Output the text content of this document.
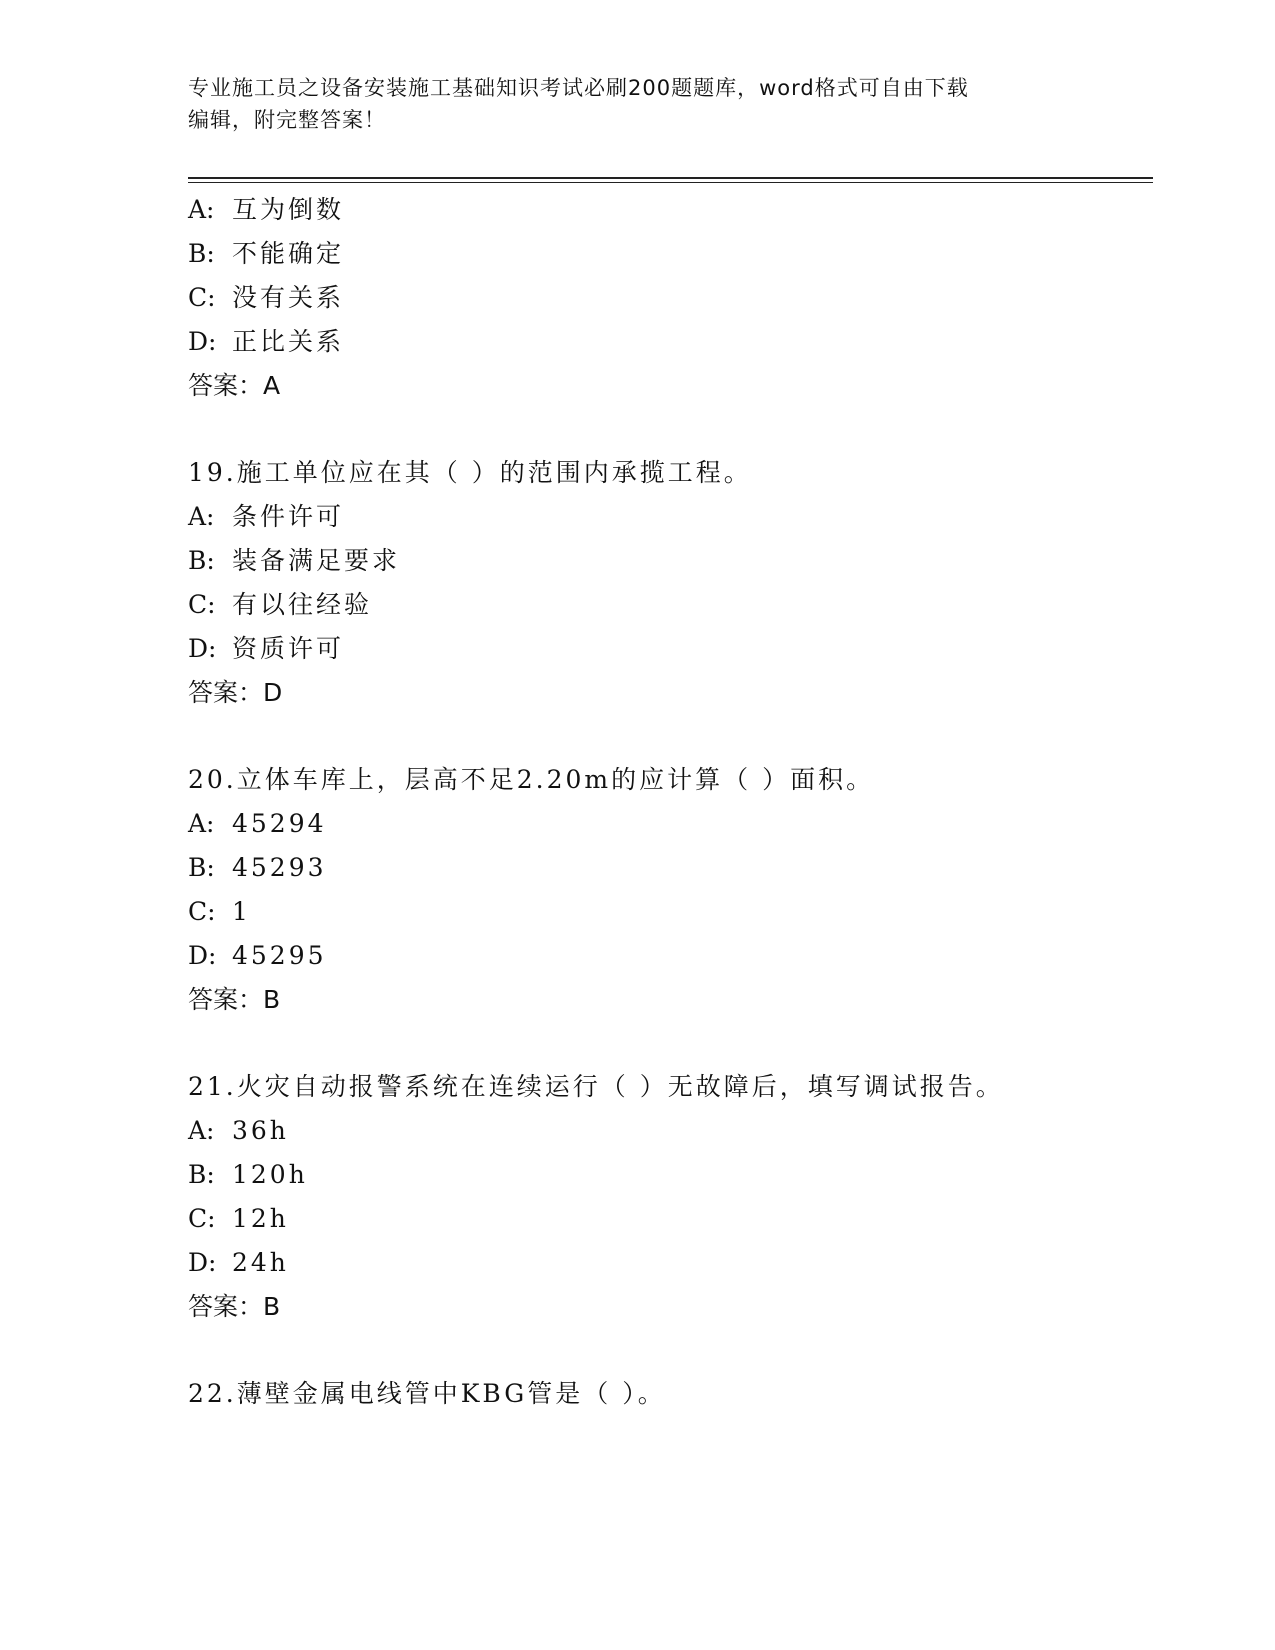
专业施工员之设备安装施工基础知识考试必刷200题题库，word格式可自由下载
编辑，附完整答案！
A: 互为倒数
B: 不能确定
C: 没有关系
D: 正比关系
答案：A
19.施工单位应在其（ ）的范围内承揽工程。
A: 条件许可
B: 装备满足要求
C: 有以往经验
D: 资质许可
答案：D
20.立体车库上，层高不足2.20m的应计算（ ）面积。
A: 45294
B: 45293
C: 1
D: 45295
答案：B
21.火灾自动报警系统在连续运行（ ）无故障后，填写调试报告。
A: 36h
B: 120h
C: 12h
D: 24h
答案：B
22.薄壁金属电线管中KBG管是（ ）。
